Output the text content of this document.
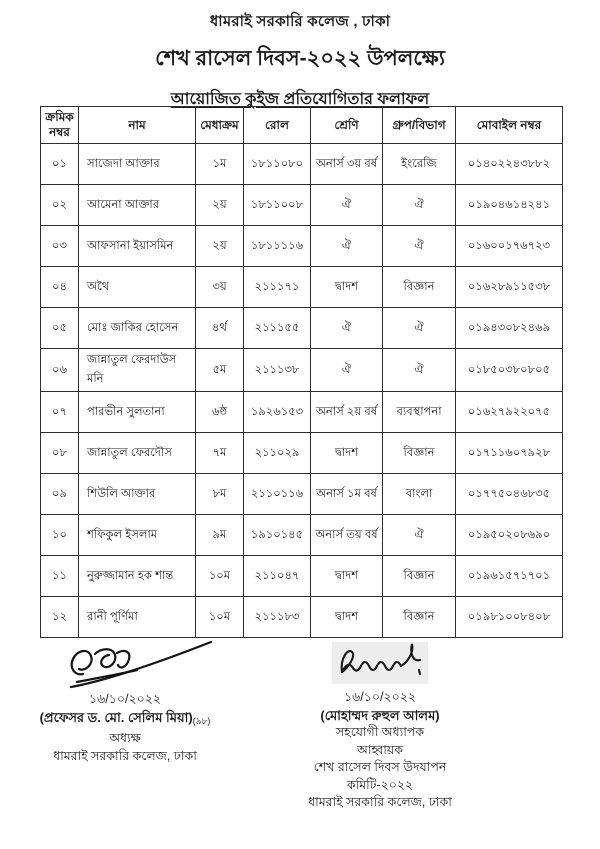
ধামরাই সরকারি কলেজ , ঢাকা
শেখ রাসেল দিবস-২০২২ উপলক্ষ্যে
আয়োজিত কুইজ প্রতিযোগিতার ফলাফল
ক্রমিক নম্বর	নাম	মেধাক্রম	রোল	শ্রেণি	গ্রুপ/বিভাগ	মোবাইল নম্বর
০১	সাজেদা আক্তার	১ম	১৮১১০৮০	অনার্স ৩য় বর্ষ	ইংরেজি	০১৪০২২৪৩৮৮২
০২	আমেনা আক্তার	২য়	১৮১১০০৮	ঐ	ঐ	০১৯০৪৬১৪২৪১
০৩	আফসানা ইয়াসমিন	২য়	১৮১১১১৬	ঐ	ঐ	০১৬০০১৭৬৭২৩
০৪	অথৈ	৩য়	২১১১৭১	দ্বাদশ	বিজ্ঞান	০১৬২৮৯১১৫৩৮
০৫	মোঃ জাকির হোসেন	৪র্থ	২১১১৫৫	ঐ	ঐ	০১৯৪৩০৮২৪৬৯
০৬	জান্নাতুল ফেরদাউস মনি	৫ম	২১১১৩৮	ঐ	ঐ	০১৮৫০৩৮০৮০৫
০৭	পারভীন সুলতানা	৬ষ্ঠ	১৯২৬১৫৩	অনার্স ২য় বর্ষ	ব্যবস্থাপনা	০১৬২৭৯২২০৭৫
০৮	জান্নাতুল ফেরদৌস	৭ম	২১১০২৯	দ্বাদশ	বিজ্ঞান	০১৭১১৬০৭৯২৮
০৯	শিউলি আক্তার	৮ম	২১১০১১৬	অনার্স ১ম বর্ষ	বাংলা	০১৭৭৫০৪৬৮৩৫
১০	শফিকুল ইসলাম	৯ম	১৯১০১৪৫	অনার্স তয় বর্ষ	ঐ	০১৯৫০২০৮৬৯০
১১	নুরুজ্জামান হক শান্ত	১০ম	২১১০৪৭	দ্বাদশ	বিজ্ঞান	০১৯৬১৫৭১৭০১
১২	রানী পূর্ণিমা	১০ম	২১১১৮৩	দ্বাদশ	বিজ্ঞান	০১৯৮১০০৮৪০৮
১৬/১০/২০২২
(প্রফেসর ড. মো. সেলিম মিয়া)(৯৮)
অধ্যক্ষ
ধামরাই সরকারি কলেজ, ঢাকা
১৬/১০/২০২২
(মোহাম্মদ রুহুল আলম)
সহযোগী অধ্যাপক
আহ্বায়ক
শেখ রাসেল দিবস উদযাপন কমিটি-২০২২
ধামরাই সরকারি কলেজ, ঢাকা
